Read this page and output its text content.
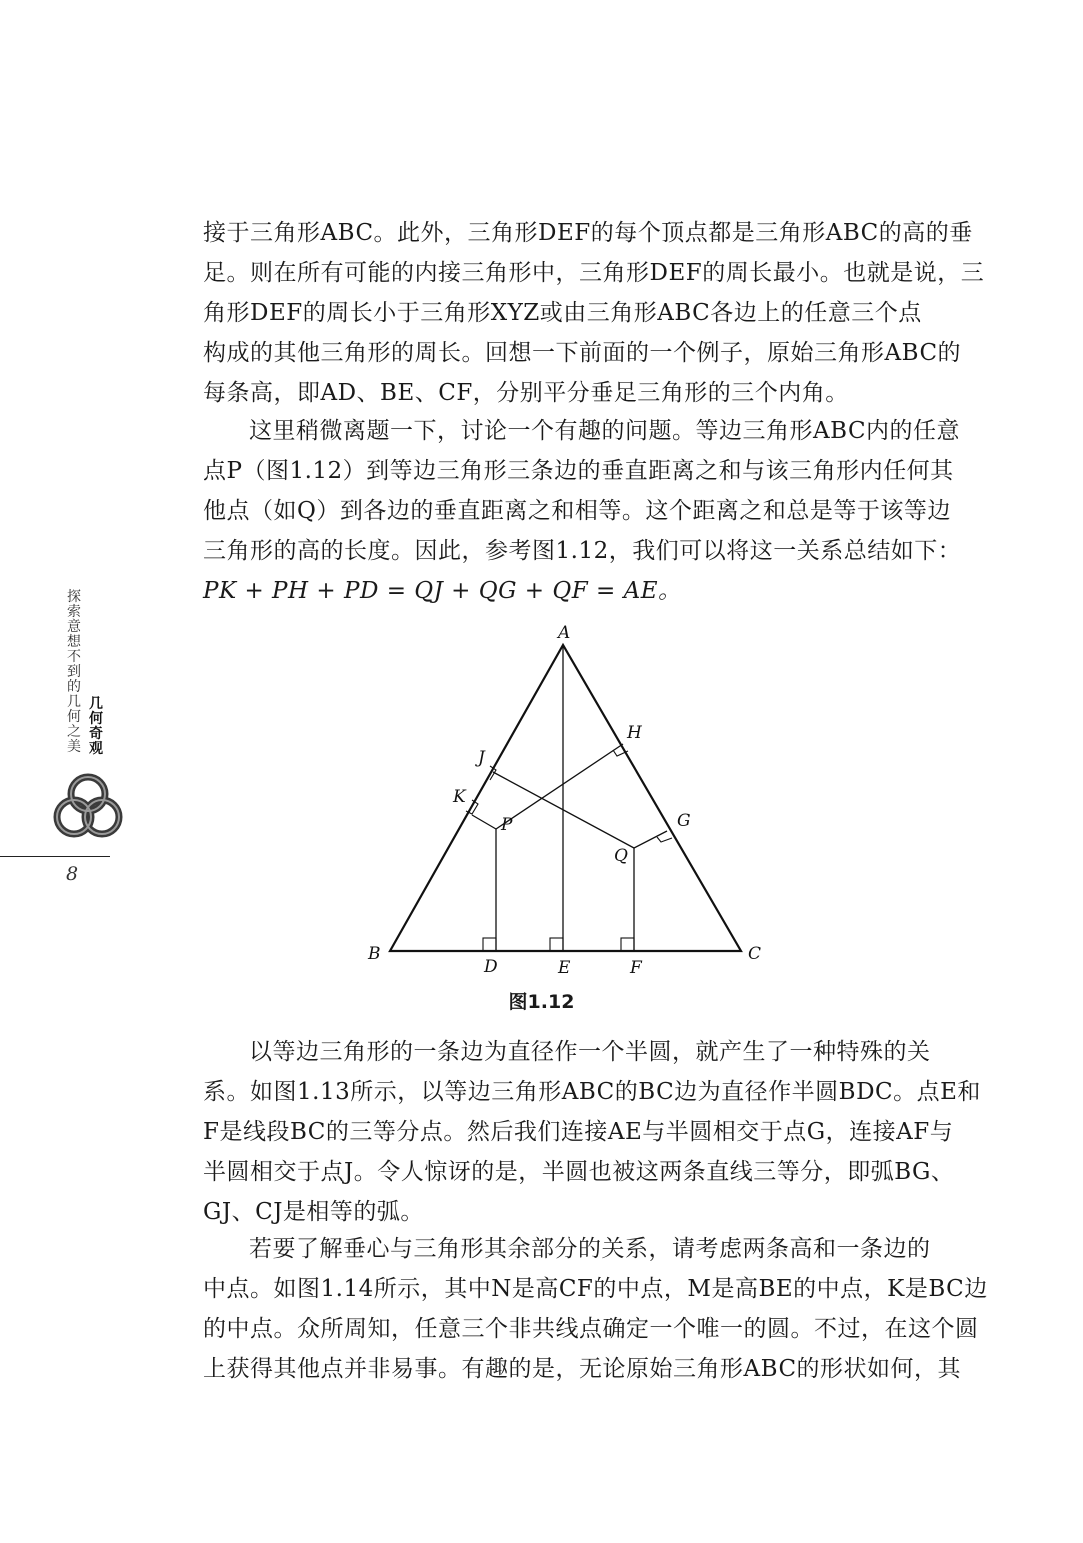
接于三角形ABC。此外，三角形DEF的每个顶点都是三角形ABC的高的垂
足。则在所有可能的内接三角形中，三角形DEF的周长最小。也就是说，三
角形DEF的周长小于三角形XYZ或由三角形ABC各边上的任意三个点
构成的其他三角形的周长。回想一下前面的一个例子，原始三角形ABC的
每条高，即AD、BE、CF，分别平分垂足三角形的三个内角。
这里稍微离题一下，讨论一个有趣的问题。等边三角形ABC内的任意
点P（图1.12）到等边三角形三条边的垂直距离之和与该三角形内任何其
他点（如Q）到各边的垂直距离之和相等。这个距离之和总是等于该等边
三角形的高的长度。因此，参考图1.12，我们可以将这一关系总结如下：
PK + PH + PD = QJ + QG + QF = AE。
A
B	C
D	E	F
G
H
J
K
P
Q
图1.12
以等边三角形的一条边为直径作一个半圆，就产生了一种特殊的关
系。如图1.13所示，以等边三角形ABC的BC边为直径作半圆BDC。点E和
F是线段BC的三等分点。然后我们连接AE与半圆相交于点G，连接AF与
半圆相交于点J。令人惊讶的是，半圆也被这两条直线三等分，即弧BG、
GJ、CJ是相等的弧。
若要了解垂心与三角形其余部分的关系，请考虑两条高和一条边的
中点。如图1.14所示，其中N是高CF的中点，M是高BE的中点，K是BC边
的中点。众所周知，任意三个非共线点确定一个唯一的圆。不过，在这个圆
上获得其他点并非易事。有趣的是，无论原始三角形ABC的形状如何，其
探索意想不到的几何之美
几何奇观
8
